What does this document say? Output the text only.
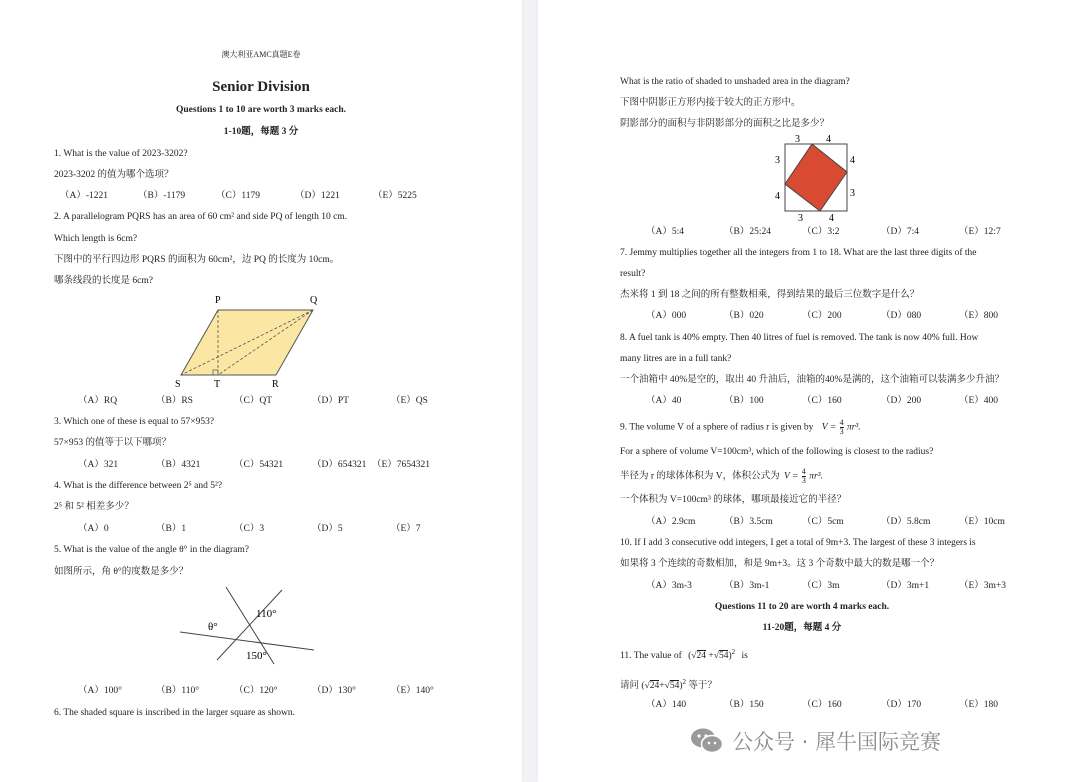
澳大利亚AMC真题E卷
Senior Division
Questions 1 to 10 are worth 3 marks each.
1-10题，每题 3 分
1. What is the value of 2023-3202?
2023-3202 的值为哪个选项？
（A）-1221	（B）-1179	（C）1179	（D）1221	（E）5225
2. A parallelogram PQRS has an area of 60 cm² and side PQ of length 10 cm.
Which length is 6cm?
下图中的平行四边形 PQRS 的面积为 60cm²，边 PQ 的长度为 10cm。
哪条线段的长度是 6cm?
P	Q
S	T	R
（A）RQ	（B）RS	（C）QT	（D）PT	（E）QS
3. Which one of these is equal to 57×953?
57×953 的值等于以下哪项？
（A）321	（B）4321	（C）54321	（D）654321 （E）7654321
4. What is the difference between 2⁵ and 5²?
2⁵ 和 5² 相差多少？
（A）0	（B）1	（C）3	（D）5	（E）7
5. What is the value of the angle θ° in the diagram?
如图所示，角 θ°的度数是多少？
θ°
110°
150°
（A）100°	（B）110°	（C）120°	（D）130°	（E）140°
6. The shaded square is inscribed in the larger square as shown.
What is the ratio of shaded to unshaded area in the diagram?
下图中阴影正方形内接于较大的正方形中。
阴影部分的面积与非阴影部分的面积之比是多少？
3	4
3
4
4
3
3	4
（A）5:4	（B）25:24	（C）3:2	（D）7:4	（E）12:7
7. Jemmy multiplies together all the integers from 1 to 18. What are the last three digits of the
result?
杰米将 1 到 18 之间的所有整数相乘，得到结果的最后三位数字是什么？
（A）000	（B）020	（C）200	（D）080	（E）800
8. A fuel tank is 40% empty. Then 40 litres of fuel is removed. The tank is now 40% full. How
many litres are in a full tank?
一个油箱中 40%是空的，取出 40 升油后，油箱的40%是满的，这个油箱可以装满多少升油？
（A）40	（B）100	（C）160	（D）200	（E）400
9. The volume V of a sphere of radius r is given by $V = \frac{4}{3} \pi r^3$.
For a sphere of volume V=100cm³, which of the following is closest to the radius?
半径为 r 的球体体积为 V，体积公式为 $V = \frac{4}{3} \pi r^3$.
一个体积为 V=100cm³ 的球体，哪项最接近它的半径？
（A）2.9cm	（B）3.5cm	（C）5cm	（D）5.8cm	（E）10cm
10. If I add 3 consecutive odd integers, I get a total of 9m+3. The largest of these 3 integers is
如果将 3 个连续的奇数相加，和是 9m+3。这 3 个奇数中最大的数是哪一个？
（A）3m-3	（B）3m-1	（C）3m	（D）3m+1	（E）3m+3
Questions 11 to 20 are worth 4 marks each.
11-20题，每题 4 分
11. The value of $(√24 +√54)^2$ is
请问 $(√24+√54)^2$ 等于？
（A）140	（B）150	（C）160	（D）170	（E）180
公众号 · 犀牛国际竞赛
